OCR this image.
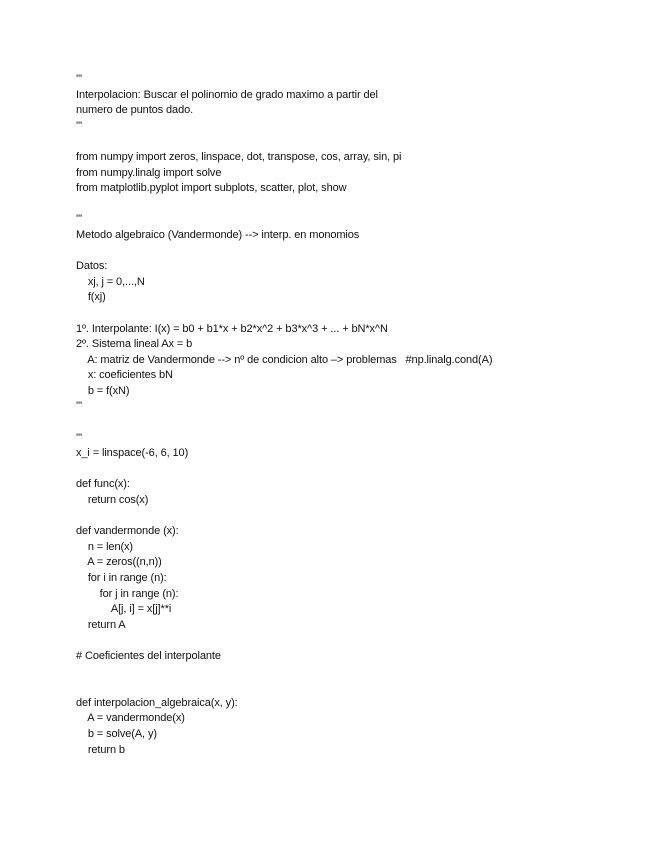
'''
Interpolacion: Buscar el polinomio de grado maximo a partir del
numero de puntos dado.
'''
from numpy import zeros, linspace, dot, transpose, cos, array, sin, pi
from numpy.linalg import solve
from matplotlib.pyplot import subplots, scatter, plot, show
'''
Metodo algebraico (Vandermonde) --> interp. en monomios
Datos:
xj, j = 0,...,N
f(xj)
1º. Interpolante: I(x) = b0 + b1*x + b2*x^2 + b3*x^3 + ... + bN*x^N
2º. Sistema lineal Ax = b
A: matriz de Vandermonde --> nº de condicion alto –> problemas   #np.linalg.cond(A)
x: coeficientes bN
b = f(xN)
'''
'''
x_i = linspace(-6, 6, 10)
def func(x):
return cos(x)
def vandermonde (x):
n = len(x)
A = zeros((n,n))
for i in range (n):
for j in range (n):
A[j, i] = x[j]**i
return A
# Coeficientes del interpolante
def interpolacion_algebraica(x, y):
A = vandermonde(x)
b = solve(A, y)
return b
